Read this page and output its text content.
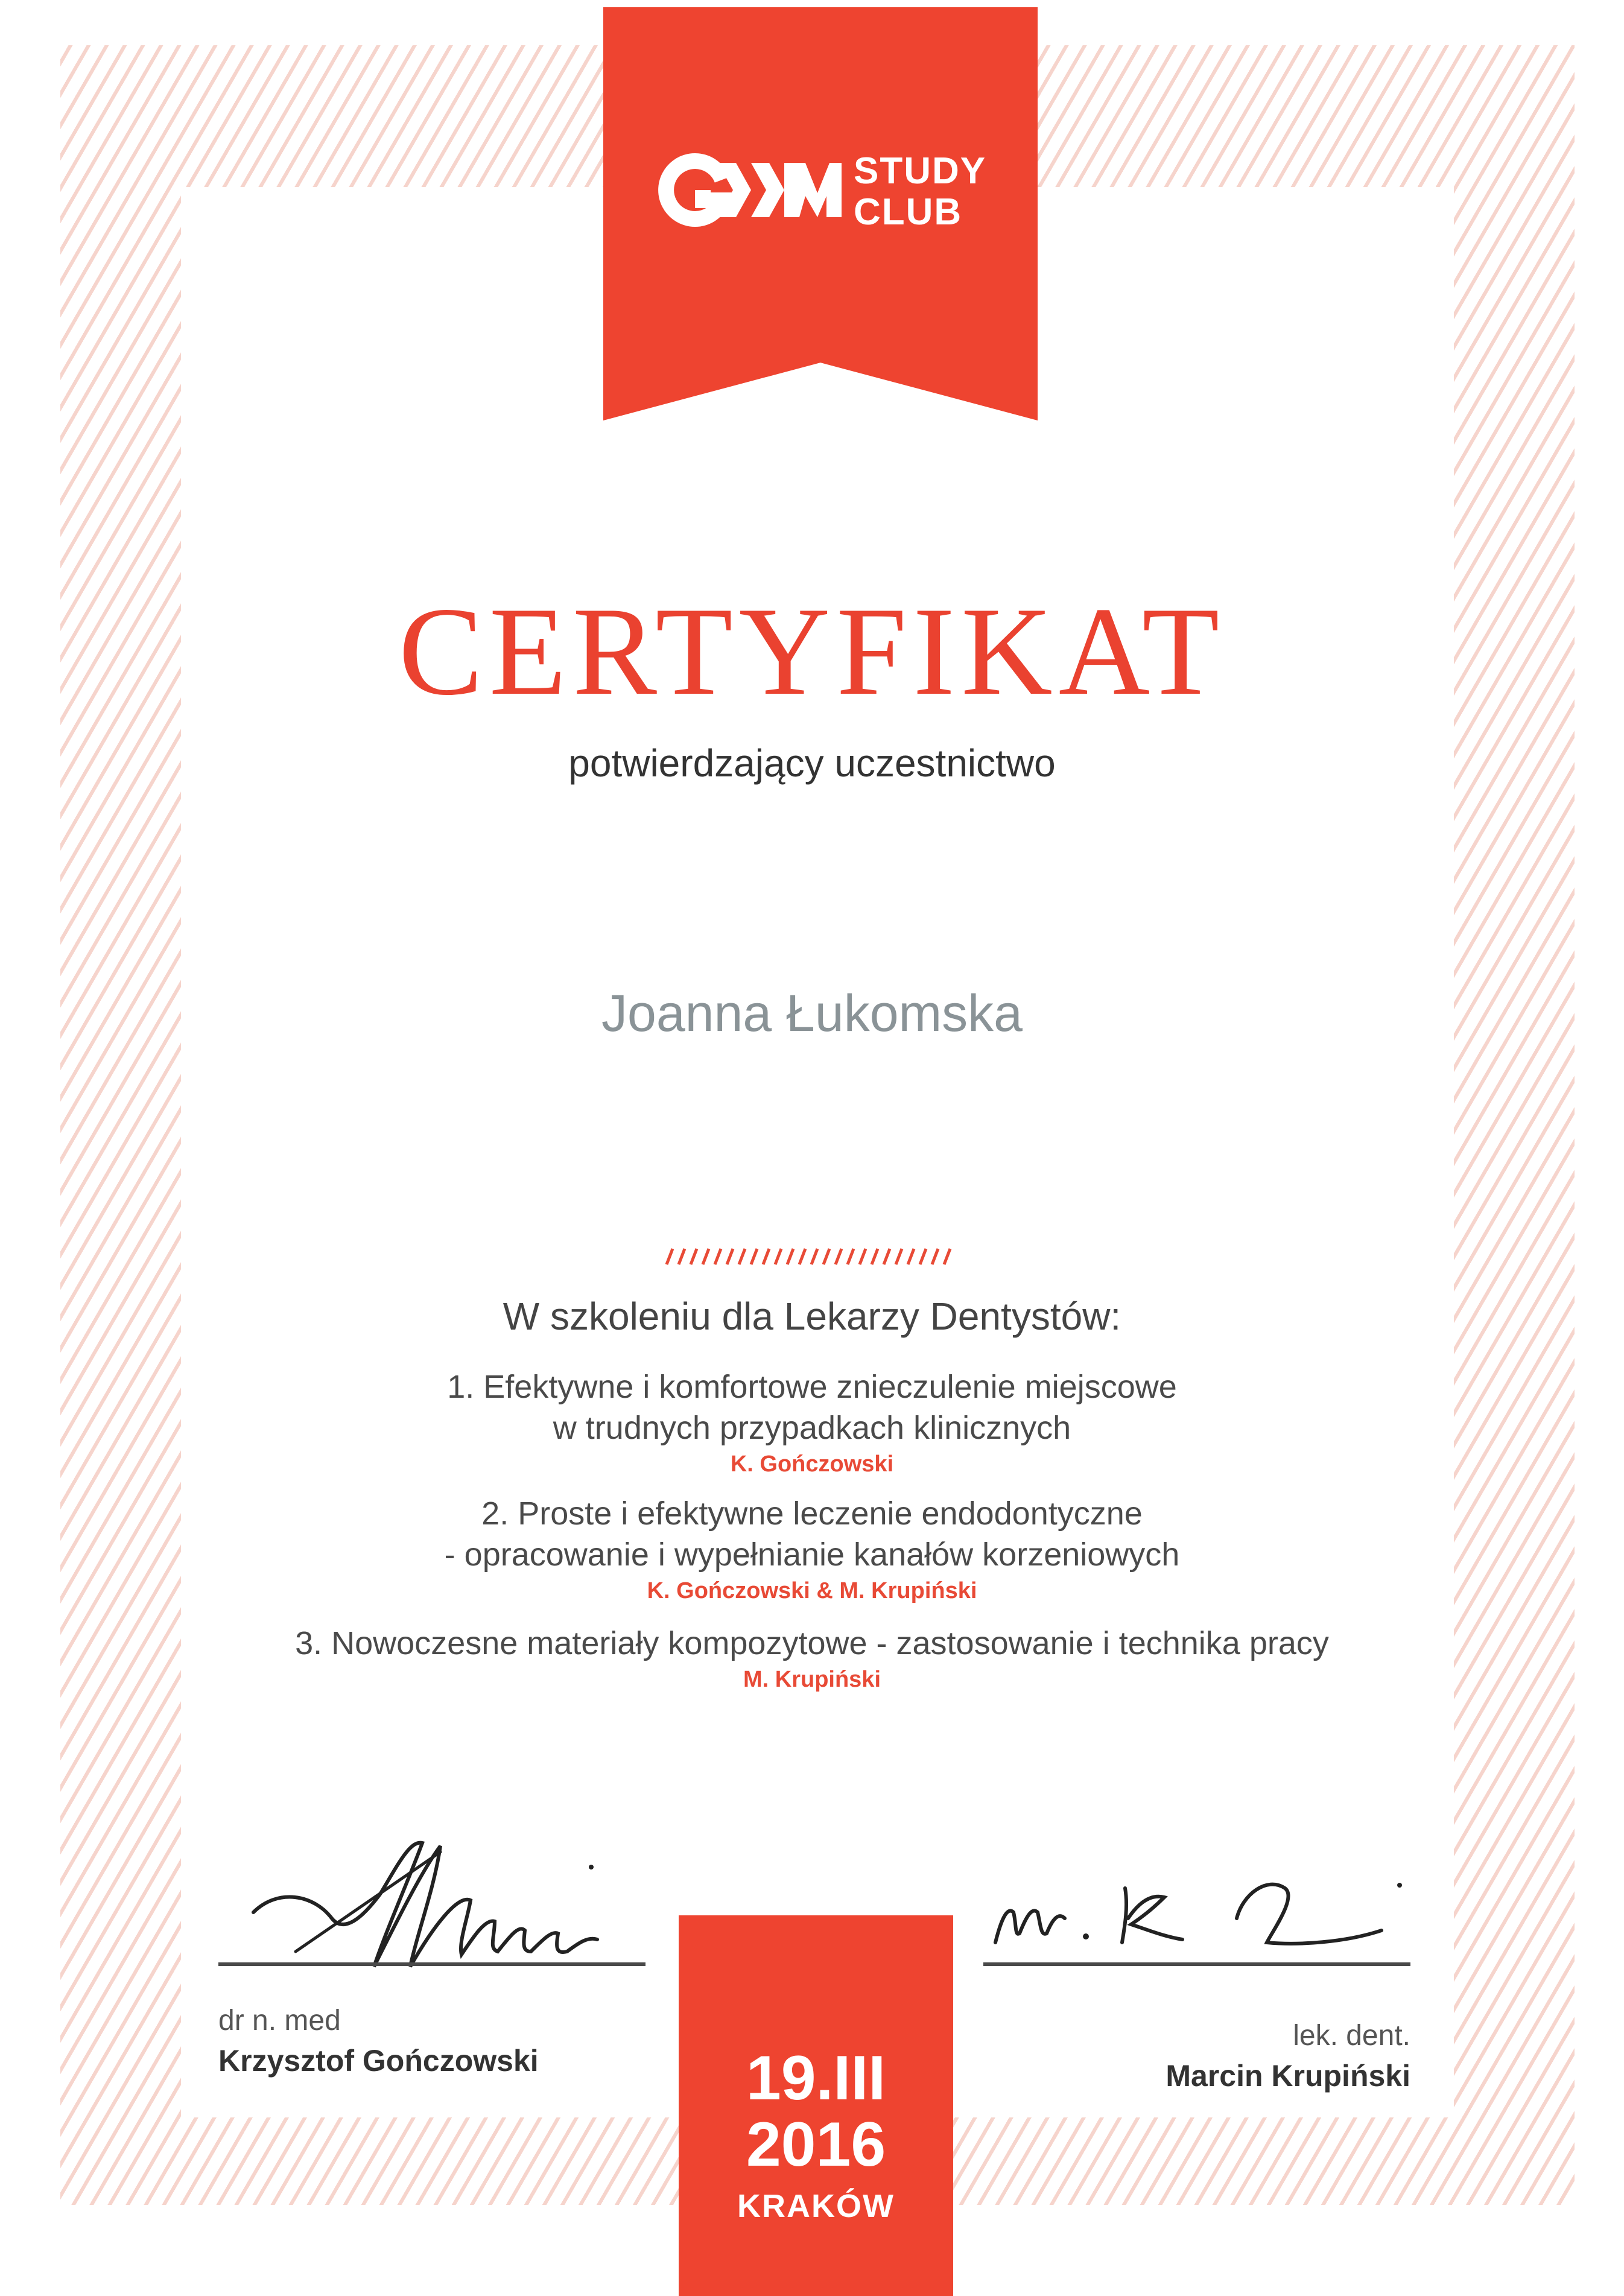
STUDY
CLUB
CERTYFIKAT
potwierdzający uczestnictwo
Joanna Łukomska
W szkoleniu dla Lekarzy Dentystów:
1. Efektywne i komfortowe znieczulenie miejscowe
w trudnych przypadkach klinicznych
K. Gończowski
2. Proste i efektywne leczenie endodontyczne
- opracowanie i wypełnianie kanałów korzeniowych
K. Gończowski & M. Krupiński
3. Nowoczesne materiały kompozytowe - zastosowanie i technika pracy
M. Krupiński
dr n. med
Krzysztof Gończowski
lek. dent.
Marcin Krupiński
19.III
2016
KRAKÓW
